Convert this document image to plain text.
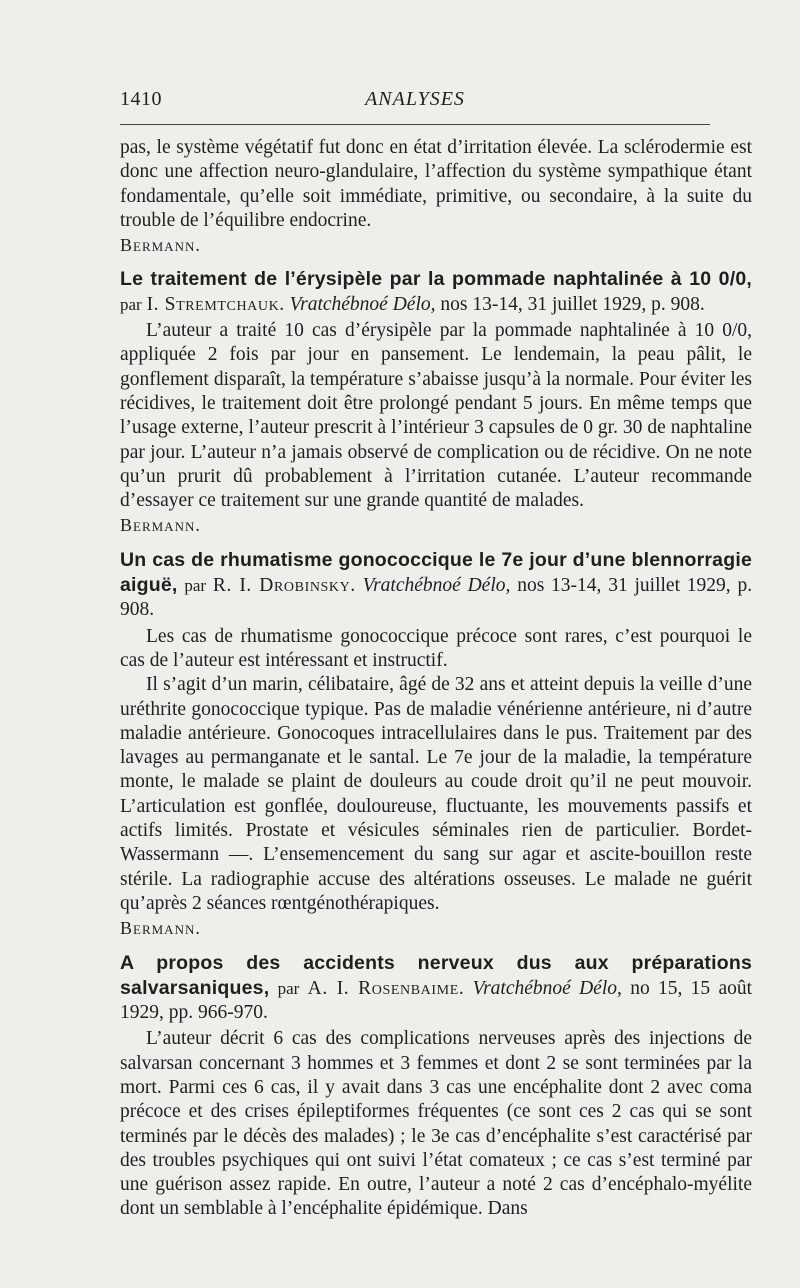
1410	ANALYSES

pas, le système végétatif fut donc en état d’irritation élevée. La sclérodermie est donc une affection neuro-glandulaire, l’affection du système sympathique étant fondamentale, qu’elle soit immédiate, primitive, ou secondaire, à la suite du trouble de l’équilibre endocrine.

Bermann.

Le traitement de l’érysipèle par la pommade naphtalinée à 10 0/0, par I. Stremtchauk. Vratchébnoé Délo, nos 13-14, 31 juillet 1929, p. 908.

L’auteur a traité 10 cas d’érysipèle par la pommade naphtalinée à 10 0/0, appliquée 2 fois par jour en pansement. Le lendemain, la peau pâlit, le gonflement disparaît, la température s’abaisse jusqu’à la normale. Pour éviter les récidives, le traitement doit être prolongé pendant 5 jours. En même temps que l’usage externe, l’auteur prescrit à l’intérieur 3 capsules de 0 gr. 30 de naphtaline par jour. L’auteur n’a jamais observé de complication ou de récidive. On ne note qu’un prurit dû probablement à l’irritation cutanée. L’auteur recommande d’essayer ce traitement sur une grande quantité de malades.

Bermann.

Un cas de rhumatisme gonococcique le 7e jour d’une blennorragie aiguë, par R. I. Drobinsky. Vratchébnoé Délo, nos 13-14, 31 juillet 1929, p. 908.

Les cas de rhumatisme gonococcique précoce sont rares, c’est pourquoi le cas de l’auteur est intéressant et instructif.

Il s’agit d’un marin, célibataire, âgé de 32 ans et atteint depuis la veille d’une uréthrite gonococcique typique. Pas de maladie vénérienne antérieure, ni d’autre maladie antérieure. Gonocoques intracellulaires dans le pus. Traitement par des lavages au permanganate et le santal. Le 7e jour de la maladie, la température monte, le malade se plaint de douleurs au coude droit qu’il ne peut mouvoir. L’articulation est gonflée, douloureuse, fluctuante, les mouvements passifs et actifs limités. Prostate et vésicules séminales rien de particulier. Bordet-Wassermann —. L’ensemencement du sang sur agar et ascite-bouillon reste stérile. La radiographie accuse des altérations osseuses. Le malade ne guérit qu’après 2 séances rœntgénothérapiques.

Bermann.

A propos des accidents nerveux dus aux préparations salvarsaniques, par A. I. Rosenbaime. Vratchébnoé Délo, no 15, 15 août 1929, pp. 966-970.

L’auteur décrit 6 cas des complications nerveuses après des injections de salvarsan concernant 3 hommes et 3 femmes et dont 2 se sont terminées par la mort. Parmi ces 6 cas, il y avait dans 3 cas une encéphalite dont 2 avec coma précoce et des crises épileptiformes fréquentes (ce sont ces 2 cas qui se sont terminés par le décès des malades) ; le 3e cas d’encéphalite s’est caractérisé par des troubles psychiques qui ont suivi l’état comateux ; ce cas s’est terminé par une guérison assez rapide. En outre, l’auteur a noté 2 cas d’encéphalo-myélite dont un semblable à l’encéphalite épidémique. Dans
